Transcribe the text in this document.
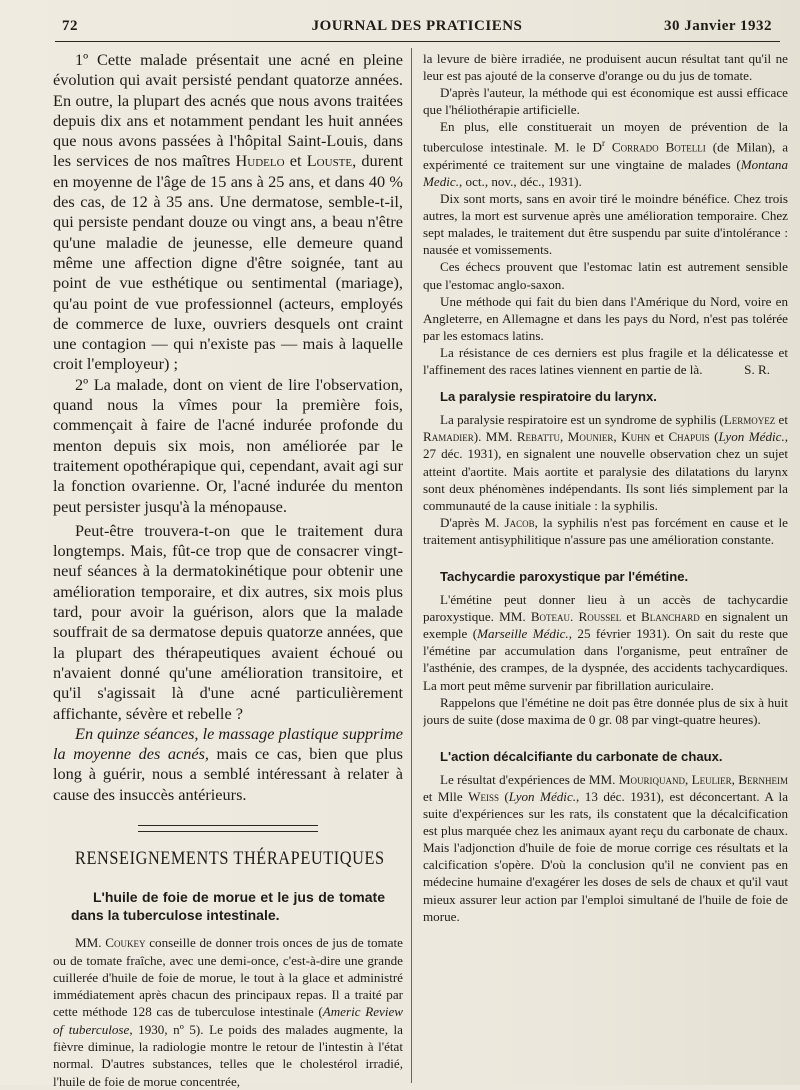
72	JOURNAL DES PRATICIENS	30 Janvier 1932

1º Cette malade présentait une acné en pleine évolution qui avait persisté pendant quatorze années. En outre, la plupart des acnés que nous avons traitées depuis dix ans et notamment pendant les huit années que nous avons passées à l'hôpital Saint-Louis, dans les services de nos maîtres Hudelo et Louste, durent en moyenne de l'âge de 15 ans à 25 ans, et dans 40 % des cas, de 12 à 35 ans. Une dermatose, semble-t-il, qui persiste pendant douze ou vingt ans, a beau n'être qu'une maladie de jeunesse, elle demeure quand même une affection digne d'être soignée, tant au point de vue esthétique ou sentimental (mariage), qu'au point de vue professionnel (acteurs, employés de commerce de luxe, ouvriers desquels ont craint une contagion — qui n'existe pas — mais à laquelle croit l'employeur) ;

2º La malade, dont on vient de lire l'observation, quand nous la vîmes pour la première fois, commençait à faire de l'acné indurée profonde du menton depuis six mois, non améliorée par le traitement opothérapique qui, cependant, avait agi sur la fonction ovarienne. Or, l'acné indurée du menton peut persister jusqu'à la ménopause.

Peut-être trouvera-t-on que le traitement dura longtemps. Mais, fût-ce trop que de consacrer vingt-neuf séances à la dermatokinétique pour obtenir une amélioration temporaire, et dix autres, six mois plus tard, pour avoir la guérison, alors que la malade souffrait de sa dermatose depuis quatorze années, que la plupart des thérapeutiques avaient échoué ou n'avaient donné qu'une amélioration transitoire, et qu'il s'agissait là d'une acné particulièrement affichante, sévère et rebelle ?

En quinze séances, le massage plastique supprime la moyenne des acnés, mais ce cas, bien que plus long à guérir, nous a semblé intéressant à relater à cause des insuccès antérieurs.

RENSEIGNEMENTS THÉRAPEUTIQUES

L'huile de foie de morue et le jus de tomate dans la tuberculose intestinale.

MM. Coukey conseille de donner trois onces de jus de tomate ou de tomate fraîche, avec une demi-once, c'est-à-dire une grande cuillerée d'huile de foie de morue, le tout à la glace et administré immédiatement après chacun des principaux repas. Il a traité par cette méthode 128 cas de tuberculose intestinale (Americ Review of tuberculose, 1930, nº 5). Le poids des malades augmente, la fièvre diminue, la radiologie montre le retour de l'intestin à l'état normal. D'autres substances, telles que le cholestérol irradié, l'huile de foie de morue concentrée,

la levure de bière irradiée, ne produisent aucun résultat tant qu'il ne leur est pas ajouté de la conserve d'orange ou du jus de tomate.

D'après l'auteur, la méthode qui est économique est aussi efficace que l'héliothérapie artificielle.

En plus, elle constituerait un moyen de prévention de la tuberculose intestinale. M. le $D^r$ Corrado Botelli (de Milan), a expérimenté ce traitement sur une vingtaine de malades (Montana Medic., oct., nov., déc., 1931).

Dix sont morts, sans en avoir tiré le moindre bénéfice. Chez trois autres, la mort est survenue après une amélioration temporaire. Chez sept malades, le traitement dut être suspendu par suite d'intolérance : nausée et vomissements.

Ces échecs prouvent que l'estomac latin est autrement sensible que l'estomac anglo-saxon.

Une méthode qui fait du bien dans l'Amérique du Nord, voire en Angleterre, en Allemagne et dans les pays du Nord, n'est pas tolérée par les estomacs latins.

La résistance de ces derniers est plus fragile et la délicatesse et l'affinement des races latines viennent en partie de là.	S. R.

La paralysie respiratoire du larynx.

La paralysie respiratoire est un syndrome de syphilis (Lermoyez et Ramadier). MM. Rebattu, Mounier, Kuhn et Chapuis (Lyon Médic., 27 déc. 1931), en signalent une nouvelle observation chez un sujet atteint d'aortite. Mais aortite et paralysie des dilatations du larynx sont deux phénomènes indépendants. Ils sont liés simplement par la communauté de la cause initiale : la syphilis.

D'après M. Jacob, la syphilis n'est pas forcément en cause et le traitement antisyphilitique n'assure pas une amélioration constante.

Tachycardie paroxystique par l'émétine.

L'émétine peut donner lieu à un accès de tachycardie paroxystique. MM. Boteau. Roussel et Blanchard en signalent un exemple (Marseille Médic., 25 février 1931). On sait du reste que l'émétine par accumulation dans l'organisme, peut entraîner de l'asthénie, des crampes, de la dyspnée, des accidents tachycardiques. La mort peut même survenir par fibrillation auriculaire.

Rappelons que l'émétine ne doit pas être donnée plus de six à huit jours de suite (dose maxima de 0 gr. 08 par vingt-quatre heures).

L'action décalcifiante du carbonate de chaux.

Le résultat d'expériences de MM. Mouriquand, Leulier, Bernheim et Mlle Weiss (Lyon Médic., 13 déc. 1931), est déconcertant. A la suite d'expériences sur les rats, ils constatent que la décalcification est plus marquée chez les animaux ayant reçu du carbonate de chaux. Mais l'adjonction d'huile de foie de morue corrige ces résultats et la calcification s'opère. D'où la conclusion qu'il ne convient pas en médecine humaine d'exagérer les doses de sels de chaux et qu'il vaut mieux assurer leur action par l'emploi simultané de l'huile de foie de morue.
